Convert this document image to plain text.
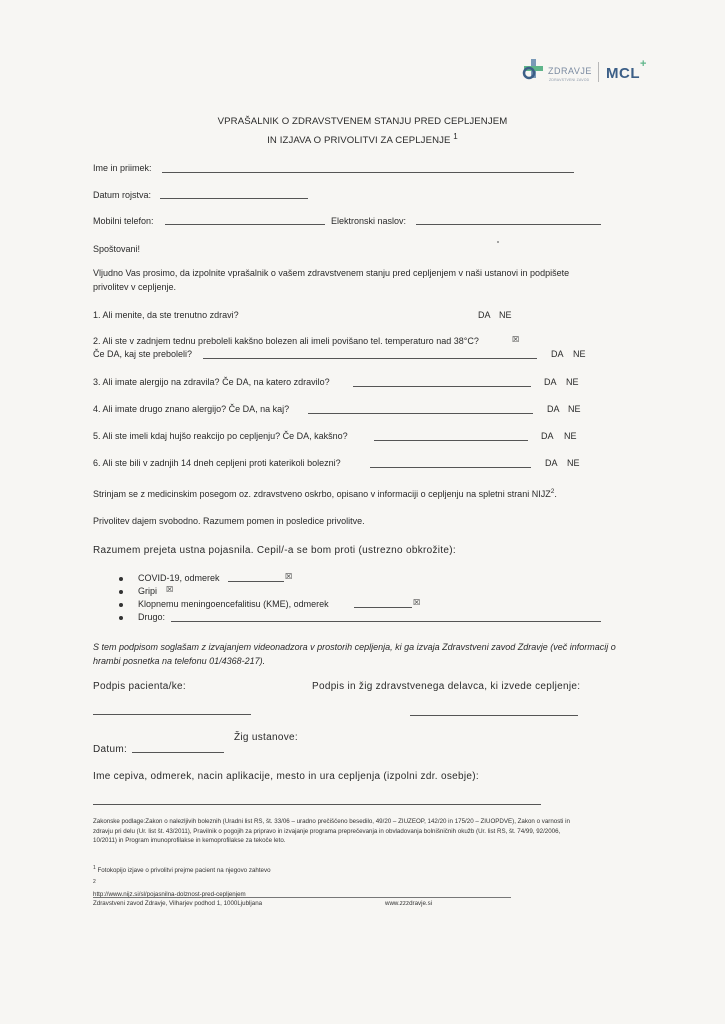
ZDRAVJE
ZDRAVSTVENI ZAVOD MCL
+
VPRAŠALNIK O ZDRAVSTVENEM STANJU PRED CEPLJENJEM
IN IZJAVA O PRIVOLITVI ZA CEPLJENJE $^1$
Ime in priimek:
Datum rojstva:
Mobilni telefon:	Elektronski naslov:
Spoštovani!
Vljudno Vas prosimo, da izpolnite vprašalnik o vašem zdravstvenem stanju pred cepljenjem v naši ustanovi in podpišete
privolitev v cepljenje.
1. Ali menite, da ste trenutno zdravi?	DA NE
2. Ali ste v zadnjem tednu preboleli kakšno bolezen ali imeli povišano tel. temperaturo nad 38°C?	☒
Če DA, kaj ste preboleli?	DA NE
3. Ali imate alergijo na zdravila? Če DA, na katero zdravilo?	DA NE
4. Ali imate drugo znano alergijo? Če DA, na kaj?	DA NE
5. Ali ste imeli kdaj hujšo reakcijo po cepljenju? Če DA, kakšno?	DA NE
6. Ali ste bili v zadnjih 14 dneh cepljeni proti katerikoli bolezni?	DA NE
Strinjam se z medicinskim posegom oz. zdravstveno oskrbo, opisano v informaciji o cepljenju na spletni strani NIJZ$^2$.
Privolitev dajem svobodno. Razumem pomen in posledice privolitve.
Razumem prejeta ustna pojasnila. Cepil/-a se bom proti (ustrezno obkrožite):
COVID-19, odmerek	☒
Gripi ☒
Klopnemu meningoencefalitisu (KME), odmerek	☒
Drugo:
S tem podpisom soglašam z izvajanjem videonadzora v prostorih cepljenja, ki ga izvaja Zdravstveni zavod Zdravje (več informacij o
hrambi posnetka na telefonu 01/4368-217).
Podpis pacienta/ke:	Podpis in žig zdravstvenega delavca, ki izvede cepljenje:
Žig ustanove:
Datum:
Ime cepiva, odmerek, nacin aplikacije, mesto in ura cepljenja (izpolni zdr. osebje):
Zakonske podlage:Zakon o nalezljivih boleznih (Uradni list RS, št. 33/06 – uradno prečiščeno besedilo, 49/20 – ZIUZEOP, 142/20 in 175/20 – ZIUOPDVE), Zakon o varnosti in
zdravju pri delu (Ur. list št. 43/2011), Pravilnik o pogojih za pripravo in izvajanje programa preprečevanja in obvladovanja bolnišničnih okužb (Ur. list RS, št. 74/99, 92/2006,
10/2011) in Program imunoprofilakse in kemoprofilakse za tekoče leto.
$^1$ Fotokopijo izjave o privolitvi prejme pacient na njegovo zahtevo
$^2$
http://www.nijz.si/sl/pojasnilna-dolznost-pred-cepljenjem
Zdravstveni zavod Zdravje, Vilharjev podhod 1, 1000Ljubljana	www.zzzdravje.si
